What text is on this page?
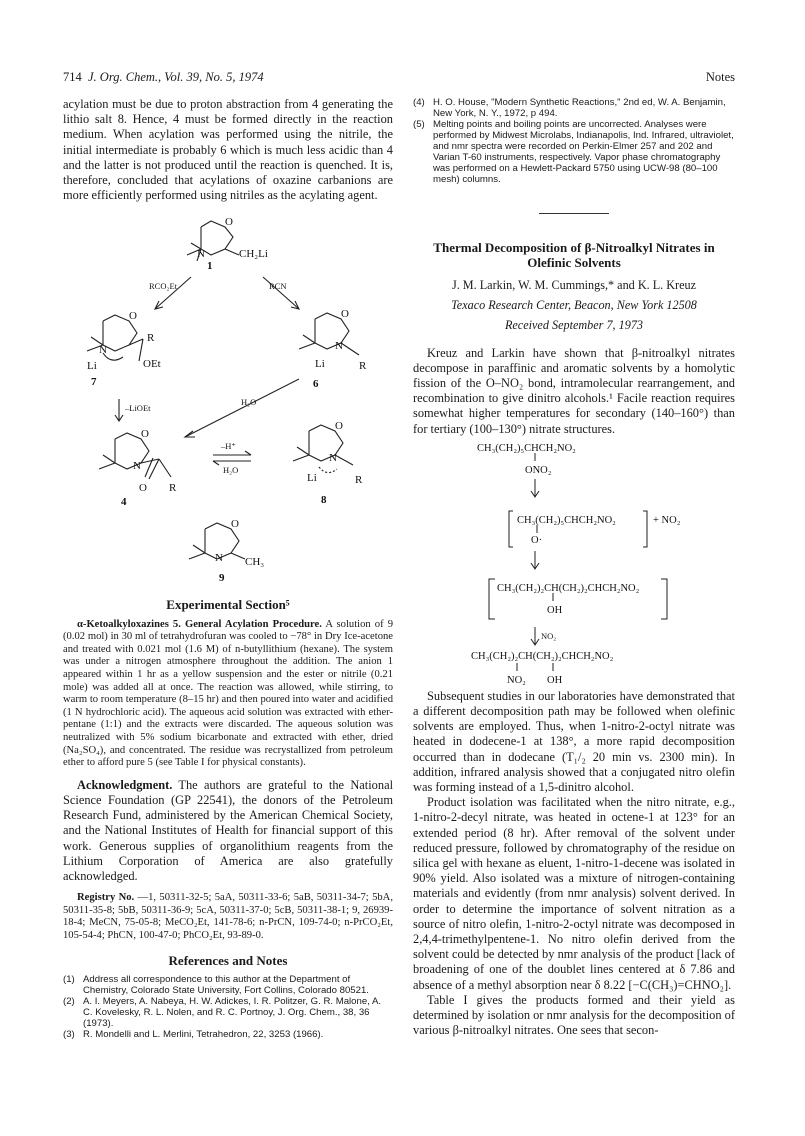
714 J. Org. Chem., Vol. 39, No. 5, 1974	Notes

acylation must be due to proton abstraction from 4 generating the lithio salt 8. Hence, 4 must be formed directly in the reaction medium. When acylation was performed using the nitrile, the initial intermediate is probably 6 which is much less acidic than 4 and the latter is not produced until the reaction is quenched. It is, therefore, concluded that acylations of oxazine carbanions are more efficiently performed using nitriles as the acylating agent.

O
N	CH₂Li
1
RCO₂Et	RCN
O
N
R
Li	OEt
7
–LiOEt
O
N
Li	R
6
H₂O
O
N
O R
4
–H⁺
H₂O
O
N
Li	R
8
O
N CH₃
9
Experimental Section⁵

α-Ketoalkyloxazines 5. General Acylation Procedure. A solution of 9 (0.02 mol) in 30 ml of tetrahydrofuran was cooled to −78° in Dry Ice-acetone and treated with 0.021 mol (1.6 M) of n-butyllithium (hexane). The system was under a nitrogen atmosphere throughout the addition. The anion 1 appeared within 1 hr as a yellow suspension and the ester or nitrile (0.21 mole) was added all at once. The reaction was allowed, while stirring, to warm to room temperature (8–15 hr) and then poured into water and acidified (1 N hydrochloric acid). The aqueous acid solution was extracted with ether-pentane (1:1) and the extracts were discarded. The aqueous solution was neutralized with 5% sodium bicarbonate and extracted with ether, dried (Na₂SO₄), and concentrated. The residue was recrystallized from petroleum ether to afford pure 5 (see Table I for physical constants).

Acknowledgment. The authors are grateful to the National Science Foundation (GP 22541), the donors of the Petroleum Research Fund, administered by the American Chemical Society, and the National Institutes of Health for financial support of this work. Generous supplies of organolithium reagents from the Lithium Corporation of America are also gratefully acknowledged.

Registry No. —1, 50311-32-5; 5aA, 50311-33-6; 5aB, 50311-34-7; 5bA, 50311-35-8; 5bB, 50311-36-9; 5cA, 50311-37-0; 5cB, 50311-38-1; 9, 26939-18-4; MeCN, 75-05-8; MeCO₂Et, 141-78-6; n-PrCN, 109-74-0; n-PrCO₂Et, 105-54-4; PhCN, 100-47-0; PhCO₂Et, 93-89-0.

References and Notes
(1) Address all correspondence to this author at the Department of Chemistry, Colorado State University, Fort Collins, Colorado 80521.
(2) A. I. Meyers, A. Nabeya, H. W. Adickes, I. R. Politzer, G. R. Malone, A. C. Kovelesky, R. L. Nolen, and R. C. Portnoy, J. Org. Chem., 38, 36 (1973).
(3) R. Mondelli and L. Merlini, Tetrahedron, 22, 3253 (1966).
(4) H. O. House, "Modern Synthetic Reactions," 2nd ed, W. A. Benjamin, New York, N. Y., 1972, p 494.
(5) Melting points and boiling points are uncorrected. Analyses were performed by Midwest Microlabs, Indianapolis, Ind. Infrared, ultraviolet, and nmr spectra were recorded on Perkin-Elmer 257 and 202 and Varian T-60 instruments, respectively. Vapor phase chromatography was performed on a Hewlett-Packard 5750 using UCW-98 (80–100 mesh) columns.
Thermal Decomposition of β-Nitroalkyl Nitrates in Olefinic Solvents
J. M. Larkin, W. M. Cummings,* and K. L. Kreuz
Texaco Research Center, Beacon, New York 12508
Received September 7, 1973

Kreuz and Larkin have shown that β-nitroalkyl nitrates decompose in paraffinic and aromatic solvents by a homolytic fission of the O–NO₂ bond, intramolecular rearrangement, and recombination to give dinitro alcohols.¹ Facile reaction requires somewhat higher temperatures for secondary (140–160°) than for tertiary (100–130°) nitrate structures.

CH₃(CH₂)₅CHCH₂NO₂
ONO₂
CH₃(CH₂)₅CHCH₂NO₂
O·
+ NO₂
CH₃(CH₂)₂CH(CH₂)₂CHCH₂NO₂
OH
NO₂
CH₃(CH₂)₂CH(CH₂)₂CHCH₂NO₂
NO₂ OH

Subsequent studies in our laboratories have demonstrated that a different decomposition path may be followed when olefinic solvents are employed. Thus, when 1-nitro-2-octyl nitrate was heated in dodecene-1 at 138°, a more rapid decomposition occurred than in dodecane (T₁/₂ 20 min vs. 2300 min). In addition, infrared analysis showed that a conjugated nitro olefin was forming instead of a 1,5-dinitro alcohol.

Product isolation was facilitated when the nitro nitrate, e.g., 1-nitro-2-decyl nitrate, was heated in octene-1 at 123° for an extended period (8 hr). After removal of the solvent under reduced pressure, followed by chromatography of the residue on silica gel with hexane as eluent, 1-nitro-1-decene was isolated in 90% yield. Also isolated was a mixture of nitrogen-containing materials and evidently (from nmr analysis) solvent derived. In order to determine the importance of solvent nitration as a source of nitro olefin, 1-nitro-2-octyl nitrate was decomposed in 2,4,4-trimethylpentene-1. No nitro olefin derived from the solvent could be detected by nmr analysis of the product [lack of broadening of one of the doublet lines centered at δ 7.86 and absence of a methyl absorption near δ 8.22 [−C(CH₃)=CHNO₂].

Table I gives the products formed and their yield as determined by isolation or nmr analysis for the decomposition of various β-nitroalkyl nitrates. One sees that secon-
